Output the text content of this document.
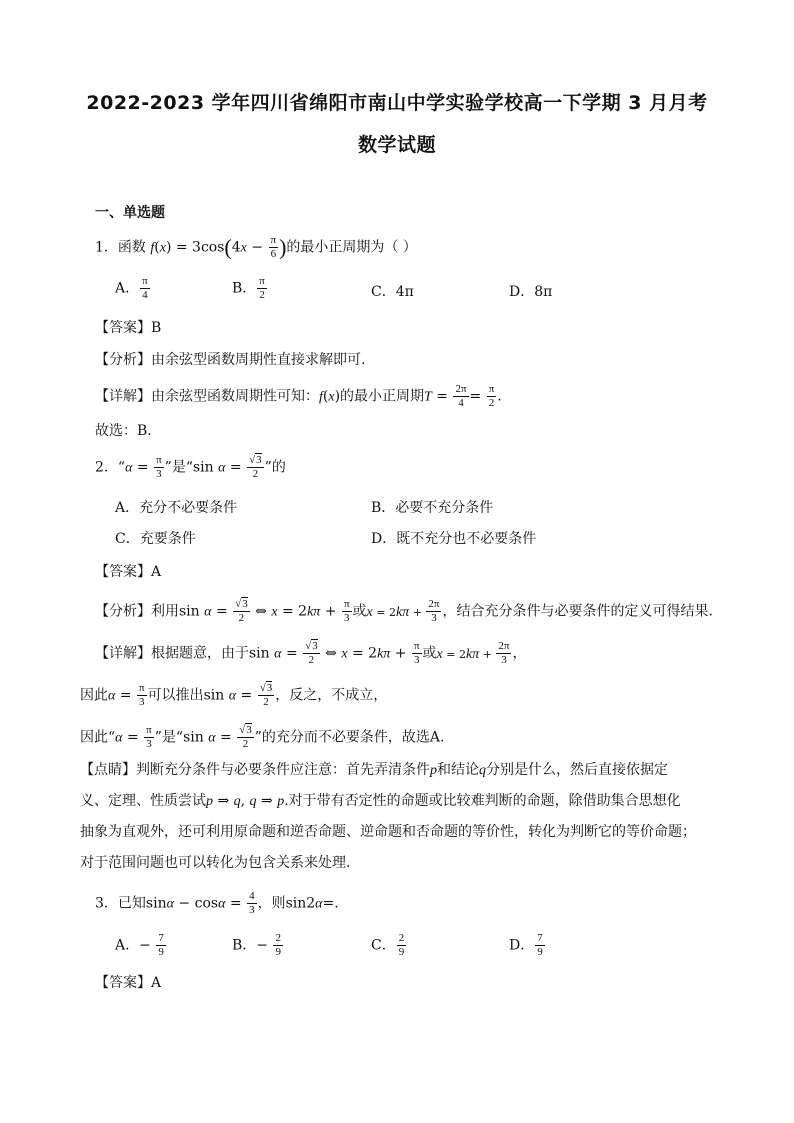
2022-2023 学年四川省绵阳市南山中学实验学校高一下学期 3 月月考
数学试题
一、单选题
1．函数 $f(x) = 3\cos(4x - \frac{\pi}{6}$ )的最小正周期为（ ）
A． $\frac{\pi}{4}$	B． $\frac{\pi}{2}$	C．4π	D．8π
【答案】B
【分析】由余弦型函数周期性直接求解即可.
【详解】由余弦型函数周期性可知：f(x)的最小正周期$T = \frac{2\pi}{4} = \frac{\pi}{2}$ .
故选：B.
2．“$\alpha = \frac{\pi}{3}$ ”是“sin $\alpha = \frac{√3}{2}$ ”的
A．充分不必要条件	B．必要不充分条件
C．充要条件	D．既不充分也不必要条件
【答案】A
【分析】利用$\sin \alpha = \frac{√3}{2}$ ⇔ $x = 2k\pi + \frac{\pi}{3}$ 或$x = 2k\pi + \frac{2\pi}{3}$ ，结合充分条件与必要条件的定义可得结果.
【详解】根据题意，由于$\sin \alpha = \frac{√3}{2}$ ⇔ $x = 2k\pi + \frac{\pi}{3}$ 或$x = 2k\pi + \frac{2\pi}{3}$ ，
因此$\alpha = \frac{\pi}{3}$ 可以推出$\sin \alpha = \frac{√3}{2}$ ，反之，不成立，
因此“$\alpha = \frac{\pi}{3}$ ”是“sin $\alpha = \frac{√3}{2}$ ”的充分而不必要条件，故选A.
【点睛】判断充分条件与必要条件应注意：首先弄清条件p和结论q分别是什么，然后直接依据定
义、定理、性质尝试p ⇒ q, q ⇒ p.对于带有否定性的命题或比较难判断的命题，除借助集合思想化
抽象为直观外，还可利用原命题和逆否命题、逆命题和否命题的等价性，转化为判断它的等价命题；
对于范围问题也可以转化为包含关系来处理.
3．已知$\sin\alpha - \cos\alpha = \frac{4}{3}$ ，则sin2α=.
A．− $\frac{7}{9}$	B．− $\frac{2}{9}$	C． $\frac{2}{9}$	D． $\frac{7}{9}$
【答案】A
